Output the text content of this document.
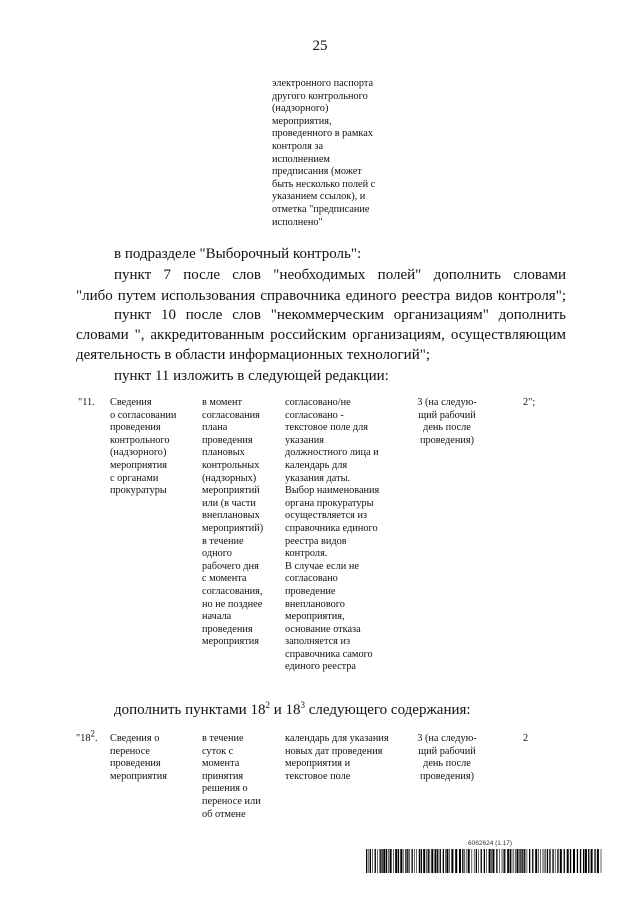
25
электронного паспорта
другого контрольного
(надзорного)
мероприятия,
проведенного в рамках
контроля за
исполнением
предписания (может
быть несколько полей с
указанием ссылок), и
отметка "предписание
исполнено"
в подразделе "Выборочный контроль":
пункт 7 после слов "необходимых полей" дополнить словами
"либо путем использования справочника единого реестра видов контроля";
пункт 10 после слов "некоммерческим организациям" дополнить
словами ", аккредитованным российским организациям, осуществляющим
деятельность в области информационных технологий";
пункт 11 изложить в следующей редакции:
"11. Сведения
о согласовании
проведения
контрольного
(надзорного)
мероприятия
с органами
прокуратуры
в момент
согласования
плана
проведения
плановых
контрольных
(надзорных)
мероприятий
или (в части
внеплановых
мероприятий)
в течение
одного
рабочего дня
с момента
согласования,
но не позднее
начала
проведения
мероприятия
согласовано/не
согласовано -
текстовое поле для
указания
должностного лица и
календарь для
указания даты.
Выбор наименования
органа прокуратуры
осуществляется из
справочника единого
реестра видов
контроля.
В случае если не
согласовано
проведение
внепланового
мероприятия,
основание отказа
заполняется из
справочника самого
единого реестра
3 (на следую-
щий рабочий
день после
проведения)
2";
дополнить пунктами $18^2$ и $18^3$ следующего содержания:
"$18^2$. Сведения о
переносе
проведения
мероприятия
в течение
суток с
момента
принятия
решения о
переносе или
об отмене
календарь для указания
новых дат проведения
мероприятия и
текстовое поле
3 (на следую-
щий рабочий
день после
проведения)
2
6062624 (1.17)
